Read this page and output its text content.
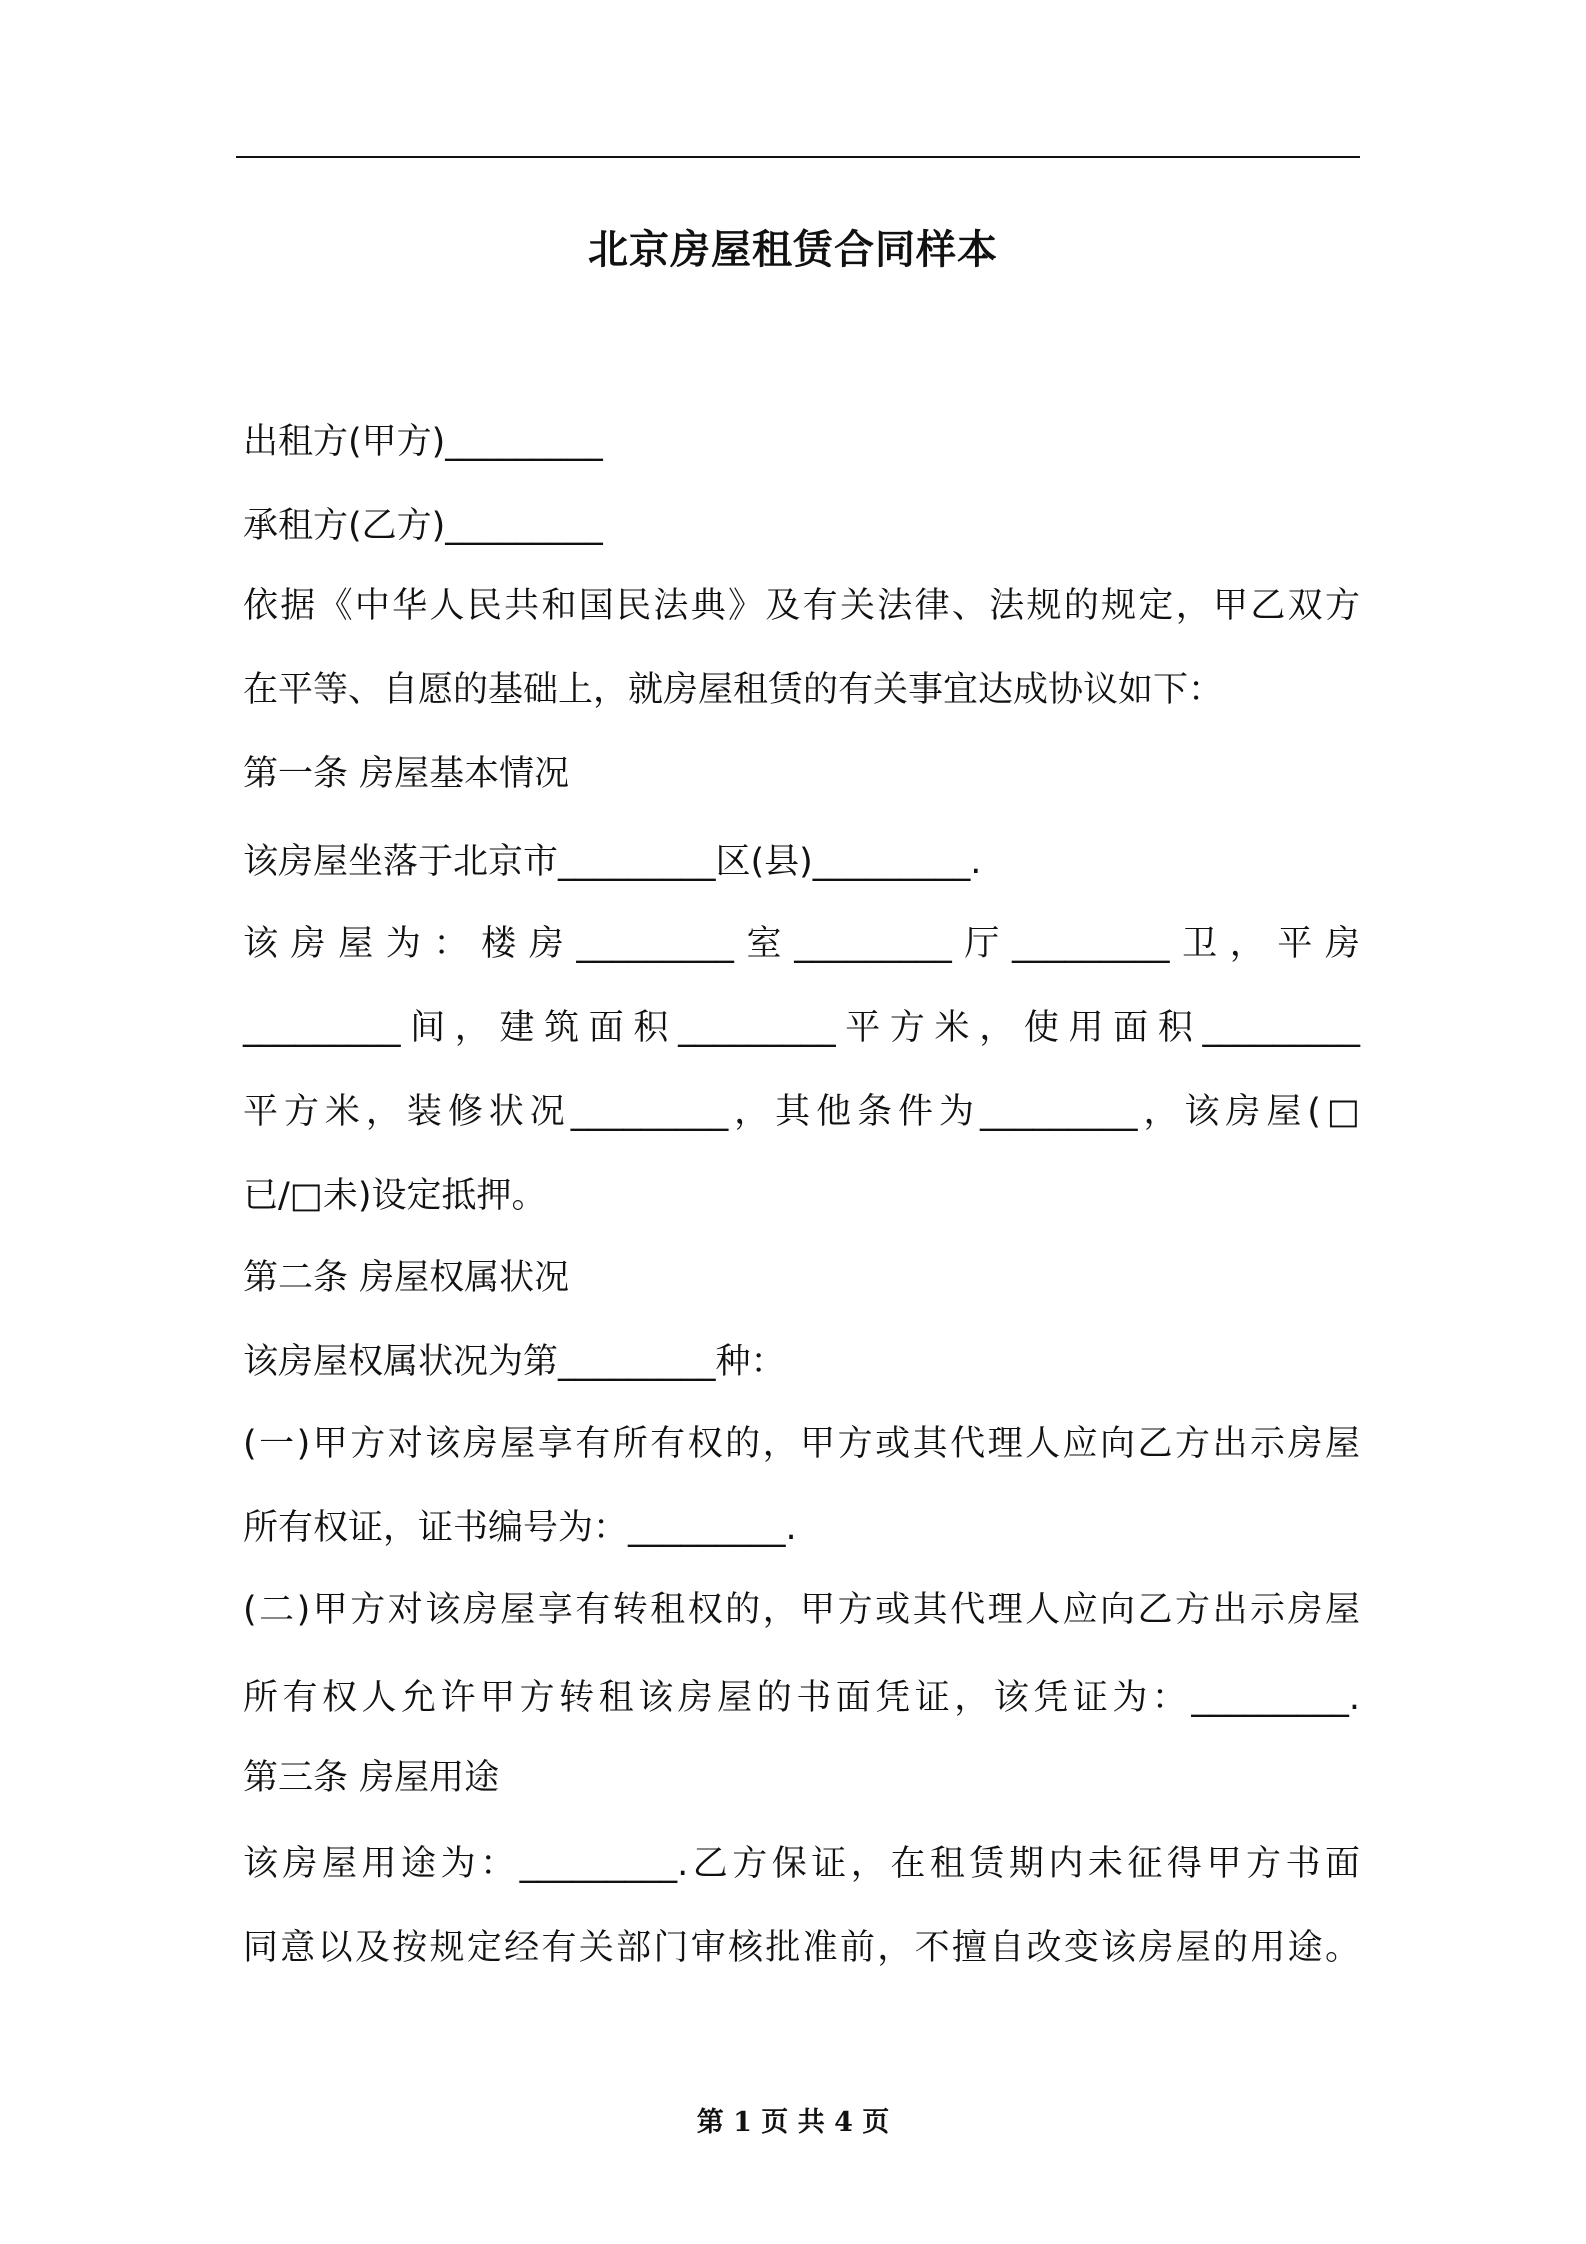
北京房屋租赁合同样本
出租方(甲方)_________
承租方(乙方)_________
依据《中华人民共和国民法典》及有关法律、法规的规定，甲乙双方
在平等、自愿的基础上，就房屋租赁的有关事宜达成协议如下：
第一条 房屋基本情况
该房屋坐落于北京市_________区(县)_________.
该房屋为：楼房_________室_________厅_________卫，平房
_________间，建筑面积_________平方米，使用面积_________
平方米，装修状况_________，其他条件为_________，该房屋(□
已/□未)设定抵押。
第二条 房屋权属状况
该房屋权属状况为第_________种：
(一)甲方对该房屋享有所有权的，甲方或其代理人应向乙方出示房屋
所有权证，证书编号为：_________.
(二)甲方对该房屋享有转租权的，甲方或其代理人应向乙方出示房屋
所有权人允许甲方转租该房屋的书面凭证，该凭证为：_________.
第三条 房屋用途
该房屋用途为：_________.乙方保证，在租赁期内未征得甲方书面
同意以及按规定经有关部门审核批准前，不擅自改变该房屋的用途。
第 1 页 共 4 页
